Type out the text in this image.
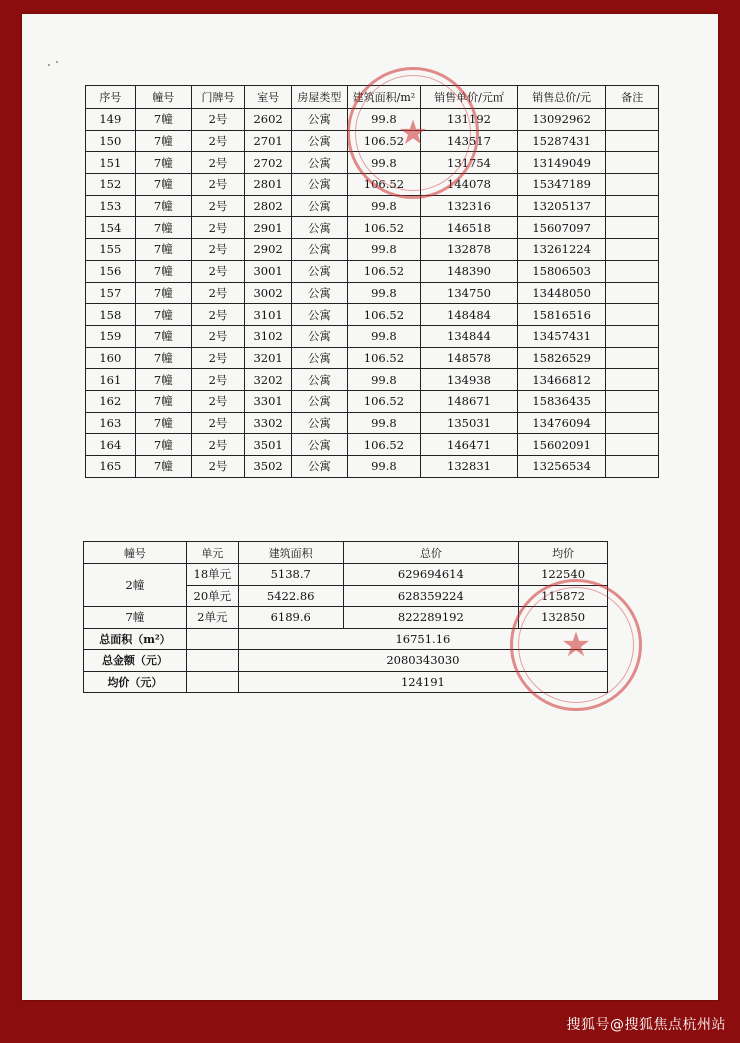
序号	幢号	门牌号	室号	房屋类型	建筑面积/m²	销售单价/元㎡	销售总价/元	备注
149	7幢	2号	2602	公寓	99.8	131192	13092962	
150	7幢	2号	2701	公寓	106.52	143517	15287431	
151	7幢	2号	2702	公寓	99.8	131754	13149049	
152	7幢	2号	2801	公寓	106.52	144078	15347189	
153	7幢	2号	2802	公寓	99.8	132316	13205137	
154	7幢	2号	2901	公寓	106.52	146518	15607097	
155	7幢	2号	2902	公寓	99.8	132878	13261224	
156	7幢	2号	3001	公寓	106.52	148390	15806503	
157	7幢	2号	3002	公寓	99.8	134750	13448050	
158	7幢	2号	3101	公寓	106.52	148484	15816516	
159	7幢	2号	3102	公寓	99.8	134844	13457431	
160	7幢	2号	3201	公寓	106.52	148578	15826529	
161	7幢	2号	3202	公寓	99.8	134938	13466812	
162	7幢	2号	3301	公寓	106.52	148671	15836435	
163	7幢	2号	3302	公寓	99.8	135031	13476094	
164	7幢	2号	3501	公寓	106.52	146471	15602091	
165	7幢	2号	3502	公寓	99.8	132831	13256534	
幢号	单元	建筑面积	总价	均价
2幢	18单元	5138.7	629694614	122540
	20单元	5422.86	628359224	115872
7幢	2单元	6189.6	822289192	132850
总面积（m²）		16751.16		
总金额（元）		2080343030		
均价（元）		124191		
★
★
搜狐号@搜狐焦点杭州站
